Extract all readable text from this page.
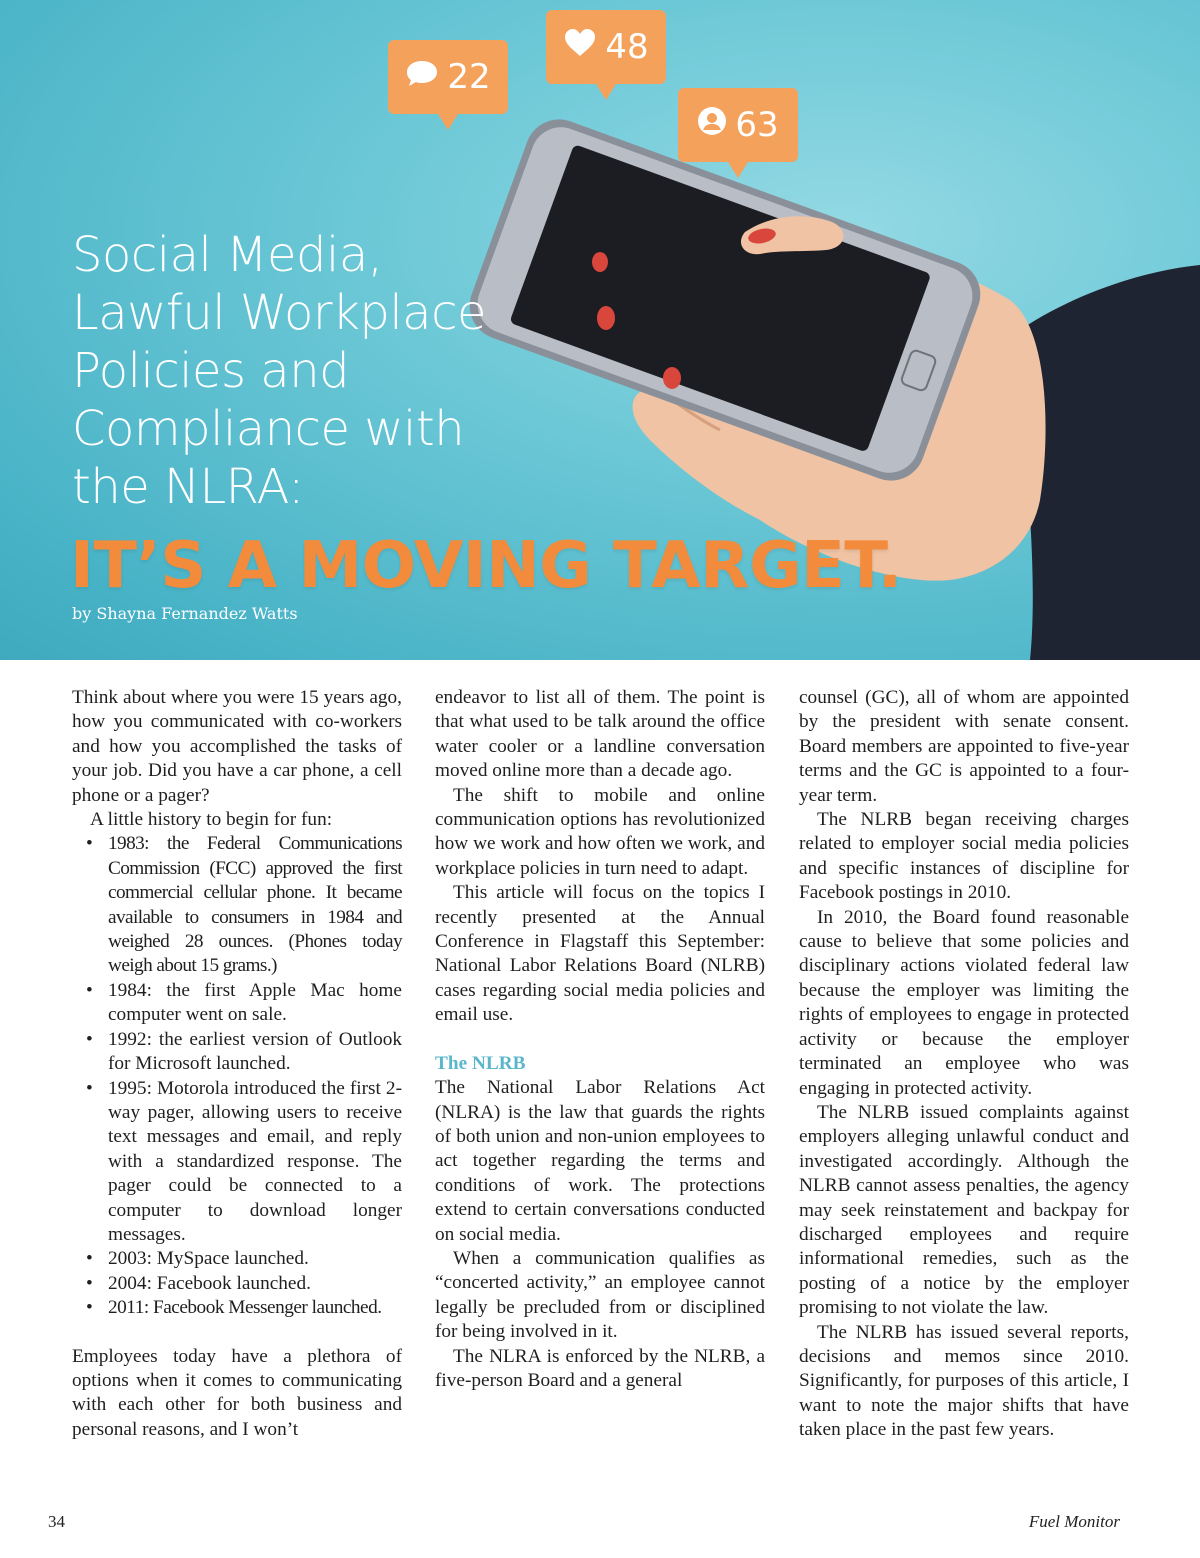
22
48
63
Social Media,
Lawful Workplace
Policies and
Compliance with
the NLRA:
IT’S A MOVING TARGET.
by Shayna Fernandez Watts

Think about where you were 15 years ago, how you communicated with co-workers and how you accomplished the tasks of your job. Did you have a car phone, a cell phone or a pager?

A little history to begin for fun:

• 1983: the Federal Communications Commission (FCC) approved the first commercial cellular phone. It became available to consumers in 1984 and weighed 28 ounces. (Phones today weigh about 15 grams.)
• 1984: the first Apple Mac home computer went on sale.
• 1992: the earliest version of Outlook for Microsoft launched.
• 1995: Motorola introduced the first 2-way pager, allowing users to receive text messages and email, and reply with a standardized response. The pager could be connected to a computer to download longer messages.
• 2003: MySpace launched.
• 2004: Facebook launched.
• 2011: Facebook Messenger launched.

Employees today have a plethora of options when it comes to communicating with each other for both business and personal reasons, and I won’t

endeavor to list all of them. The point is that what used to be talk around the office water cooler or a landline conversation moved online more than a decade ago.

The shift to mobile and online communication options has revolutionized how we work and how often we work, and workplace policies in turn need to adapt.

This article will focus on the topics I recently presented at the Annual Conference in Flagstaff this September: National Labor Relations Board (NLRB) cases regarding social media policies and email use.

The NLRB

The National Labor Relations Act (NLRA) is the law that guards the rights of both union and non-union employees to act together regarding the terms and conditions of work. The protections extend to certain conversations conducted on social media.

When a communication qualifies as “concerted activity,” an employee cannot legally be precluded from or disciplined for being involved in it.

The NLRA is enforced by the NLRB, a five-person Board and a general

counsel (GC), all of whom are appointed by the president with senate consent. Board members are appointed to five-year terms and the GC is appointed to a four-year term.

The NLRB began receiving charges related to employer social media policies and specific instances of discipline for Facebook postings in 2010.

In 2010, the Board found reasonable cause to believe that some policies and disciplinary actions violated federal law because the employer was limiting the rights of employees to engage in protected activity or because the employer terminated an employee who was engaging in protected activity.

The NLRB issued complaints against employers alleging unlawful conduct and investigated accordingly. Although the NLRB cannot assess penalties, the agency may seek reinstatement and backpay for discharged employees and require informational remedies, such as the posting of a notice by the employer promising to not violate the law.

The NLRB has issued several reports, decisions and memos since 2010. Significantly, for purposes of this article, I want to note the major shifts that have taken place in the past few years.

34	Fuel Monitor
